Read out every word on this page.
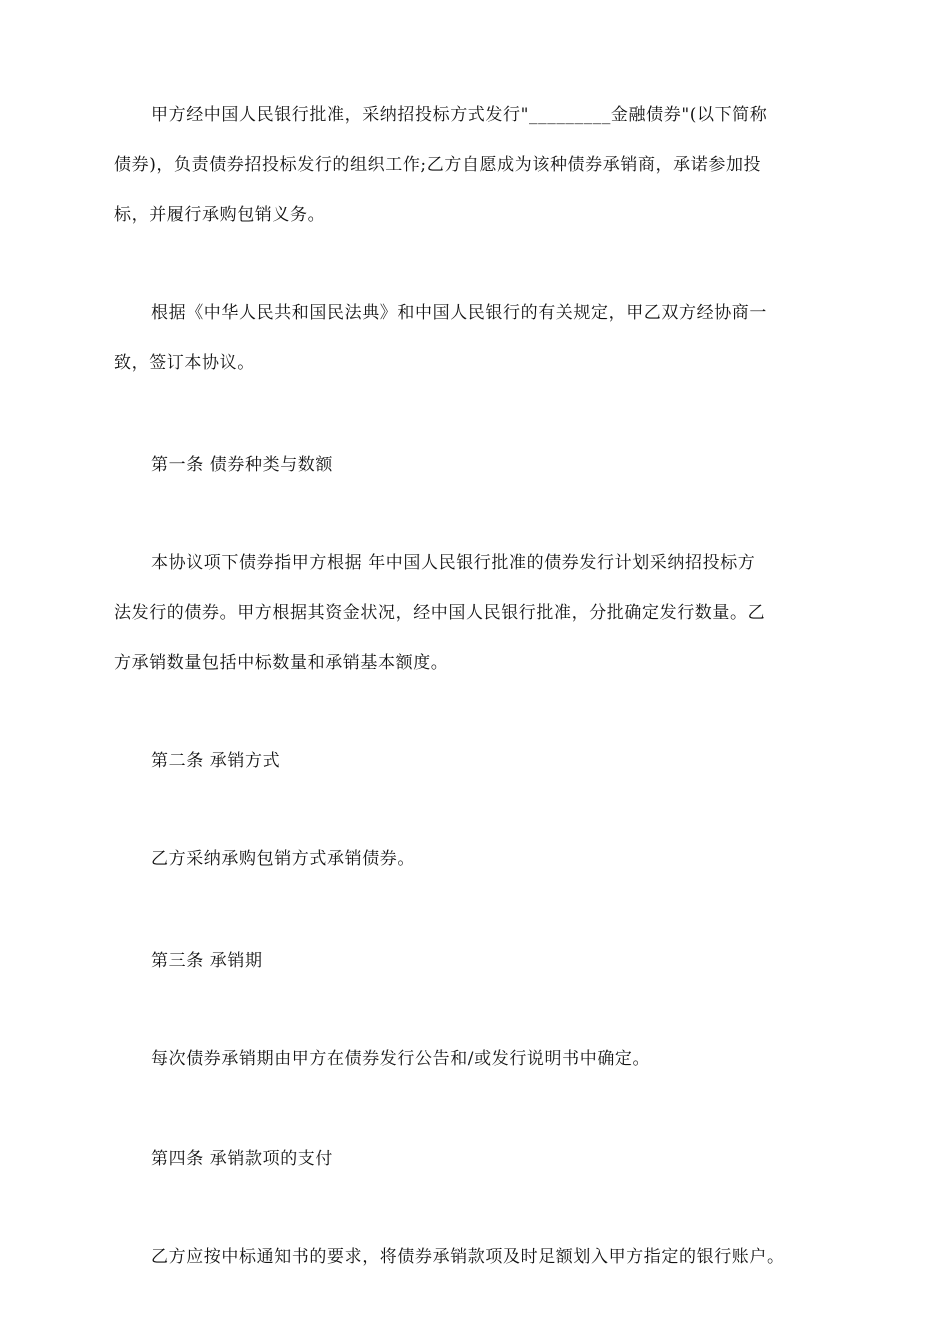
甲方经中国人民银行批准，采纳招投标方式发行"_________金融债券"(以下简称
债券)，负责债券招投标发行的组织工作;乙方自愿成为该种债券承销商，承诺参加投
标，并履行承购包销义务。
根据《中华人民共和国民法典》和中国人民银行的有关规定，甲乙双方经协商一
致，签订本协议。
第一条 债券种类与数额
本协议项下债券指甲方根据 年中国人民银行批准的债券发行计划采纳招投标方
法发行的债券。甲方根据其资金状况，经中国人民银行批准，分批确定发行数量。乙
方承销数量包括中标数量和承销基本额度。
第二条 承销方式
乙方采纳承购包销方式承销债券。
第三条 承销期
每次债券承销期由甲方在债券发行公告和/或发行说明书中确定。
第四条 承销款项的支付
乙方应按中标通知书的要求，将债券承销款项及时足额划入甲方指定的银行账户。
